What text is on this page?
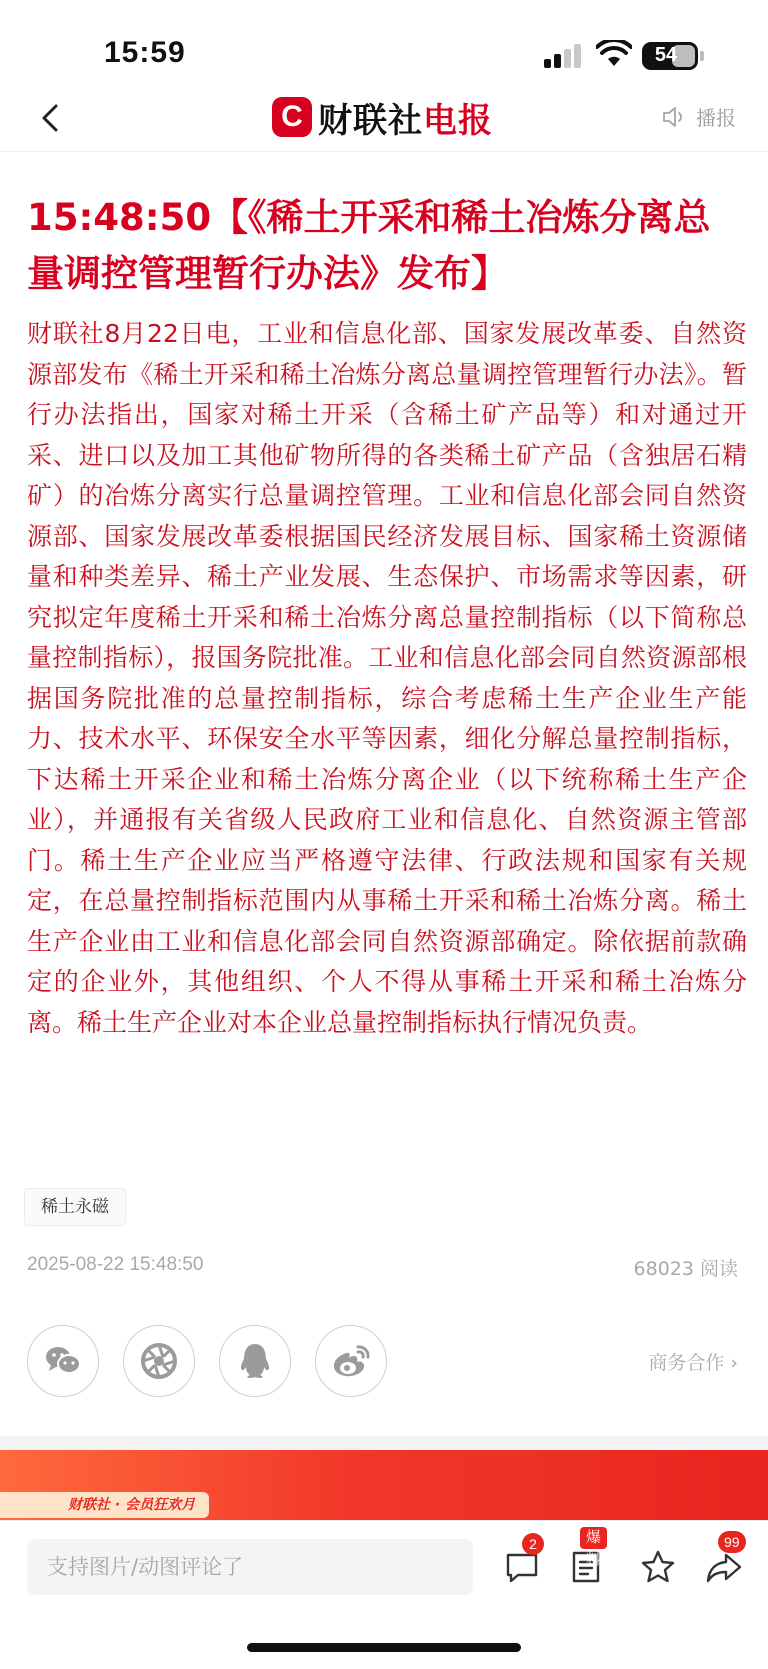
15:59	54
C 财联社电报	播报
15:48:50【《稀土开采和稀土冶炼分离总量调控管理暂行办法》发布】
财联社8月22日电，工业和信息化部、国家发展改革委、自然资源部发布《稀土开采和稀土冶炼分离总量调控管理暂行办法》。暂行办法指出，国家对稀土开采（含稀土矿产品等）和对通过开采、进口以及加工其他矿物所得的各类稀土矿产品（含独居石精矿）的冶炼分离实行总量调控管理。工业和信息化部会同自然资源部、国家发展改革委根据国民经济发展目标、国家稀土资源储量和种类差异、稀土产业发展、生态保护、市场需求等因素，研究拟定年度稀土开采和稀土冶炼分离总量控制指标（以下简称总量控制指标），报国务院批准。工业和信息化部会同自然资源部根据国务院批准的总量控制指标，综合考虑稀土生产企业生产能力、技术水平、环保安全水平等因素，细化分解总量控制指标，下达稀土开采企业和稀土冶炼分离企业（以下统称稀土生产企业），并通报有关省级人民政府工业和信息化、自然资源主管部门。稀土生产企业应当严格遵守法律、行政法规和国家有关规定，在总量控制指标范围内从事稀土开采和稀土冶炼分离。稀土生产企业由工业和信息化部会同自然资源部确定。除依据前款确定的企业外，其他组织、个人不得从事稀土开采和稀土冶炼分离。稀土生产企业对本企业总量控制指标执行情况负责。
稀土永磁
2025-08-22 15:48:50	68023 阅读
商务合作 ›
财联社 · 会员狂欢月
支持图片/动图评论了
2	爆料
99
